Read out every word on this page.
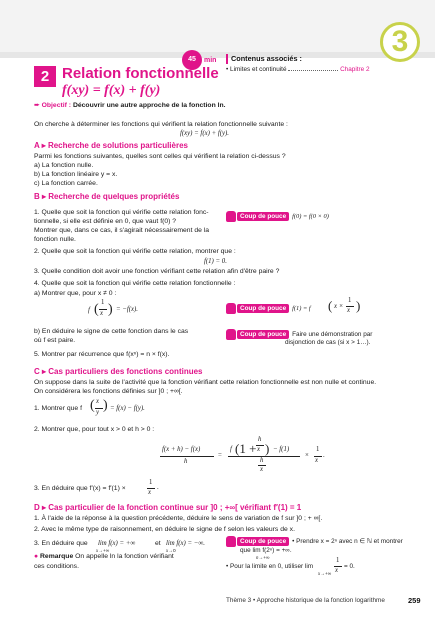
3
45	min	Contenus associés :
• Limites et continuité	Chapitre 2
2 Relation fonctionnelle
f(xy) = f(x) + f(y)
➨ Objectif : Découvrir une autre approche de la fonction ln.
On cherche à déterminer les fonctions qui vérifient la relation fonctionnelle suivante :
f(xy) = f(x) + f(y).
A ▸ Recherche de solutions particulières
Parmi les fonctions suivantes, quelles sont celles qui vérifient la relation ci-dessus ?
a) La fonction nulle.
b) La fonction linéaire y = x.
c) La fonction carrée.
B ▸ Recherche de quelques propriétés
1. Quelle que soit la fonction qui vérifie cette relation fonc-
tionnelle, si elle est définie en 0, que vaut f(0) ?
Montrer que, dans ce cas, il s'agirait nécessairement de la
fonction nulle.
Coup de pouce f(0) = f(0 × 0)
2. Quelle que soit la fonction qui vérifie cette relation, montrer que :
f(1) = 0.
3. Quelle condition doit avoir une fonction vérifiant cette relation afin d'être paire ?
4. Quelle que soit la fonction qui vérifie cette relation fonctionnelle :
a) Montrer que, pour x ≠ 0 :
f ( 1
x ) = −f(x).	Coup de pouce f(1) = f ( x ×
1
x )
b) En déduire le signe de cette fonction dans le cas
où f est paire.
Coup de pouce Faire une démonstration par
disjonction de cas (si x > 1…).
5. Montrer par récurrence que f(xⁿ) = n × f(x).
C ▸ Cas particuliers des fonctions continues
On suppose dans la suite de l'activité que la fonction vérifiant cette relation fonctionnelle est non nulle et continue.
On considérera les fonctions définies sur ]0 ; +∞[.
1. Montrer que f ( x
y ) = f(x) − f(y).
2. Montrer que, pour tout x > 0 et h > 0 :
f(x + h) − f(x)
h
=
f (1 +
h
x ) − f(1)
h
x
×
1
x
.
3. En déduire que f′(x) = f′(1) ×
1
x
.
D ▸ Cas particulier de la fonction continue sur ]0 ; +∞[ vérifiant f′(1) = 1
1. À l'aide de la réponse à la question précédente, déduire le sens de variation de f sur ]0 ; + ∞[.
2. Avec le même type de raisonnement, en déduire le signe de f selon les valeurs de x.
3. En déduire que lim f(x) = +∞
x→+∞
et lim f(x) = −∞.
x→0
● Remarque On appelle ln la fonction vérifiant
ces conditions.
Coup de pouce • Prendre x = 2ⁿ avec n ∈ ℕ et montrer
que lim f(2ⁿ) = +∞.
n→+∞
• Pour la limite en 0, utiliser lim
x→+∞
1
x
= 0.
Thème 3 • Approche historique de la fonction logarithme	259
